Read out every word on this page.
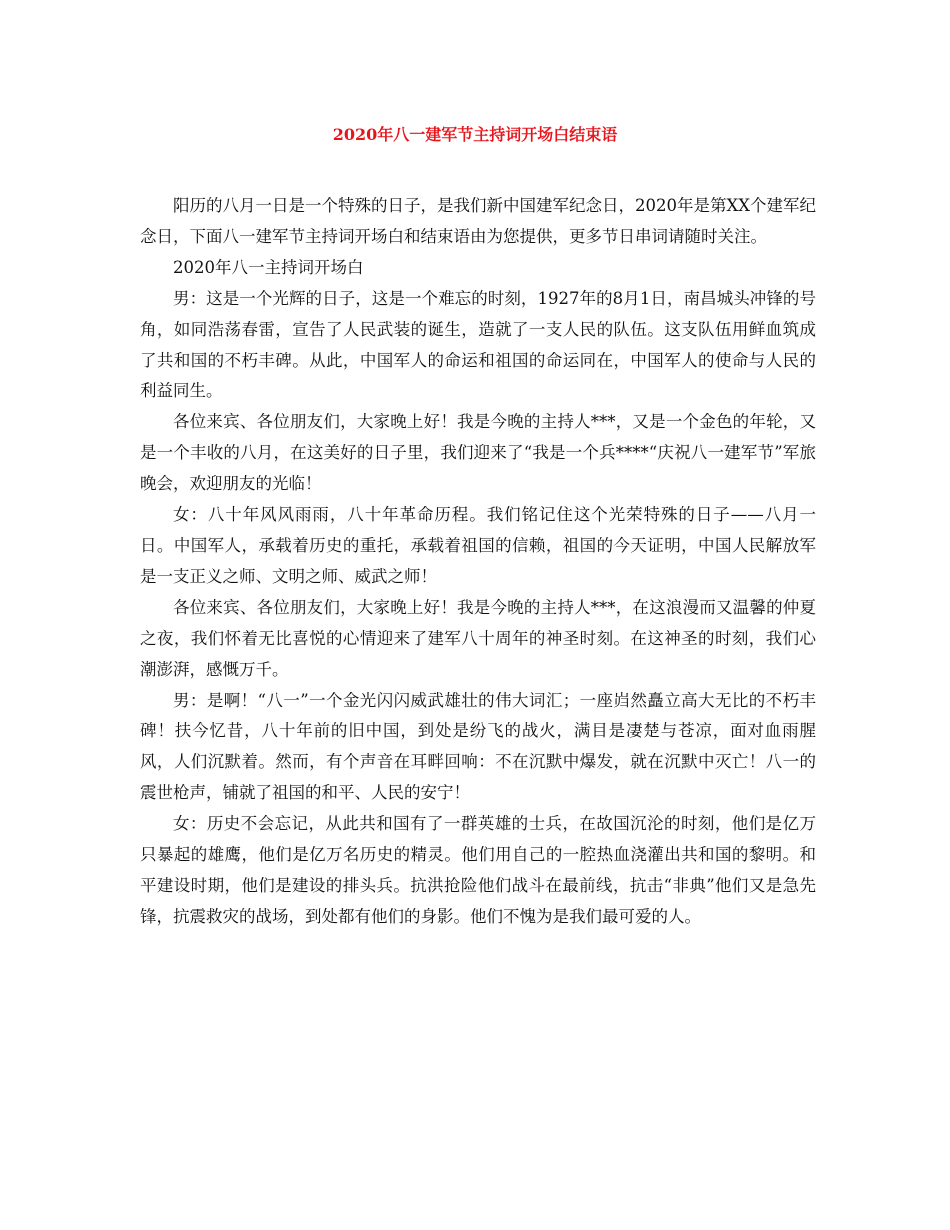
2020年八一建军节主持词开场白结束语

阳历的八月一日是一个特殊的日子，是我们新中国建军纪念日，2020年是第XX个建军纪念日，下面八一建军节主持词开场白和结束语由为您提供，更多节日串词请随时关注。

2020年八一主持词开场白

男：这是一个光辉的日子，这是一个难忘的时刻，1927年的8月1日，南昌城头冲锋的号角，如同浩荡春雷，宣告了人民武装的诞生，造就了一支人民的队伍。这支队伍用鲜血筑成了共和国的不朽丰碑。从此，中国军人的命运和祖国的命运同在，中国军人的使命与人民的利益同生。

各位来宾、各位朋友们，大家晚上好！我是今晚的主持人***，又是一个金色的年轮，又是一个丰收的八月，在这美好的日子里，我们迎来了“我是一个兵****“庆祝八一建军节”军旅晚会，欢迎朋友的光临！

女：八十年风风雨雨，八十年革命历程。我们铭记住这个光荣特殊的日子——八月一日。中国军人，承载着历史的重托，承载着祖国的信赖，祖国的今天证明，中国人民解放军是一支正义之师、文明之师、威武之师！

各位来宾、各位朋友们，大家晚上好！我是今晚的主持人***，在这浪漫而又温馨的仲夏之夜，我们怀着无比喜悦的心情迎来了建军八十周年的神圣时刻。在这神圣的时刻，我们心潮澎湃，感慨万千。

男：是啊！“八一”一个金光闪闪威武雄壮的伟大词汇；一座岿然矗立高大无比的不朽丰碑！扶今忆昔，八十年前的旧中国，到处是纷飞的战火，满目是凄楚与苍凉，面对血雨腥风，人们沉默着。然而，有个声音在耳畔回响：不在沉默中爆发，就在沉默中灭亡！八一的震世枪声，铺就了祖国的和平、人民的安宁！

女：历史不会忘记，从此共和国有了一群英雄的士兵，在故国沉沦的时刻，他们是亿万只暴起的雄鹰，他们是亿万名历史的精灵。他们用自己的一腔热血浇灌出共和国的黎明。和平建设时期，他们是建设的排头兵。抗洪抢险他们战斗在最前线，抗击“非典”他们又是急先锋，抗震救灾的战场，到处都有他们的身影。他们不愧为是我们最可爱的人。
